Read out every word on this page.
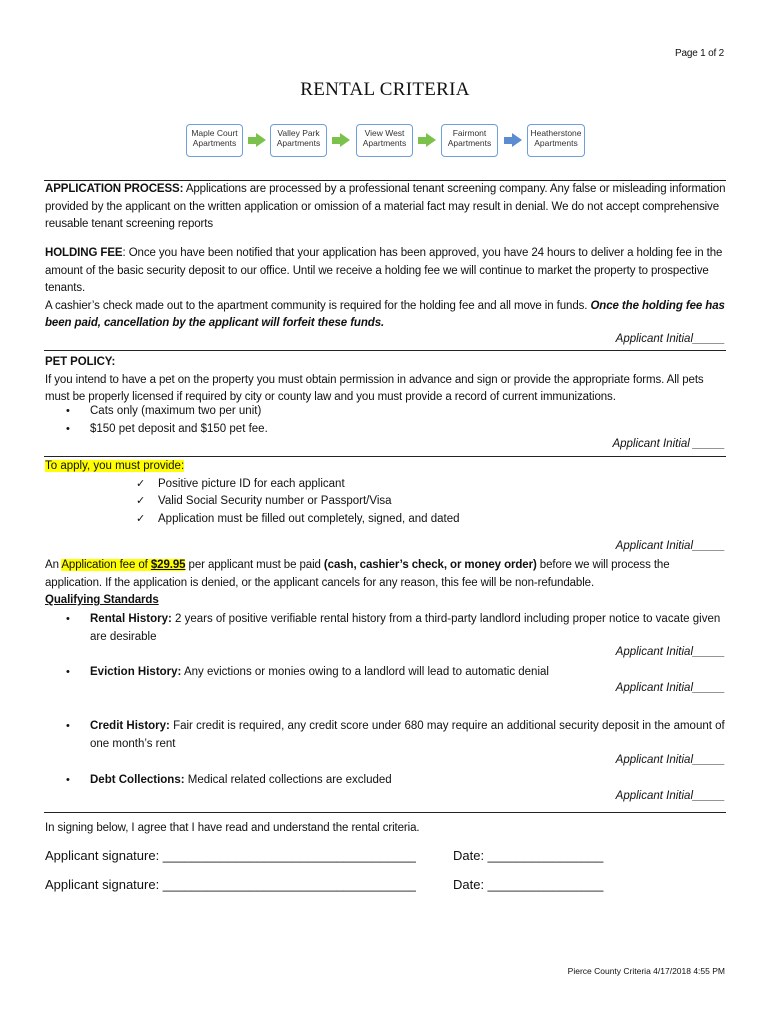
Page 1 of 2
RENTAL CRITERIA
Maple Court
Apartments
Valley Park
Apartments
View West
Apartments
Fairmont
Apartments
Heatherstone
Apartments
APPLICATION PROCESS: Applications are processed by a professional tenant screening company. Any false or misleading information provided by the applicant on the written application or omission of a material fact may result in denial. We do not accept comprehensive reusable tenant screening reports
HOLDING FEE: Once you have been notified that your application has been approved, you have 24 hours to deliver a holding fee in the amount of the basic security deposit to our office. Until we receive a holding fee we will continue to market the property to prospective tenants.
A cashier’s check made out to the apartment community is required for the holding fee and all move in funds. Once the holding fee has been paid, cancellation by the applicant will forfeit these funds.
Applicant Initial_____
PET POLICY:
If you intend to have a pet on the property you must obtain permission in advance and sign or provide the appropriate forms. All pets must be properly licensed if required by city or county law and you must provide a record of current immunizations.
• Cats only (maximum two per unit)
• $150 pet deposit and $150 pet fee.
Applicant Initial _____
To apply, you must provide:
✓ Positive picture ID for each applicant
✓ Valid Social Security number or Passport/Visa
✓ Application must be filled out completely, signed, and dated
Applicant Initial_____
An Application fee of $29.95 per applicant must be paid (cash, cashier’s check, or money order) before we will process the application. If the application is denied, or the applicant cancels for any reason, this fee will be non-refundable.
Qualifying Standards
• Rental History: 2 years of positive verifiable rental history from a third-party landlord including proper notice to vacate given are desirable
Applicant Initial_____
• Eviction History: Any evictions or monies owing to a landlord will lead to automatic denial
Applicant Initial_____
• Credit History: Fair credit is required, any credit score under 680 may require an additional security deposit in the amount of one month’s rent
Applicant Initial_____
• Debt Collections: Medical related collections are excluded
Applicant Initial_____
In signing below, I agree that I have read and understand the rental criteria.
Applicant signature: ___________________________________	Date: ________________
Applicant signature: ___________________________________	Date: ________________
Pierce County Criteria 4/17/2018 4:55 PM
